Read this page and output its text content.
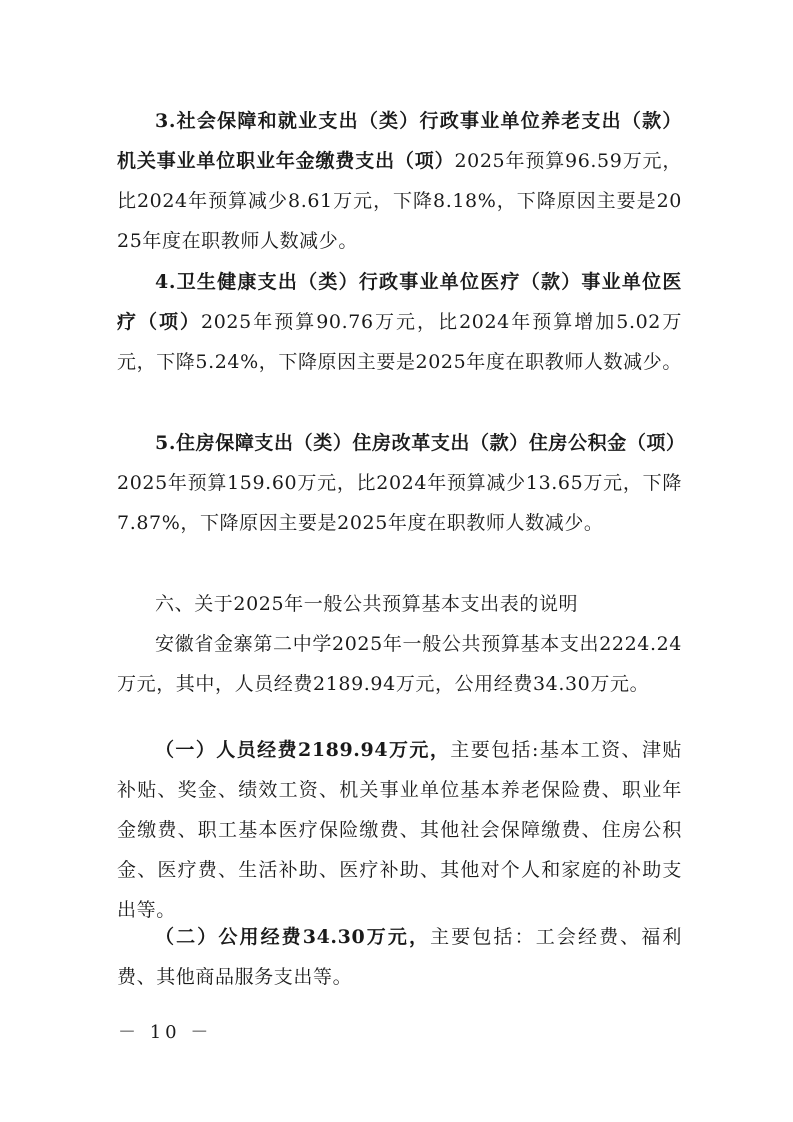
3.社会保障和就业支出（类）行政事业单位养老支出（款）机关事业单位职业年金缴费支出（项）2025年预算96.59万元，比2024年预算减少8.61万元，下降8.18%，下降原因主要是2025年度在职教师人数减少。

4.卫生健康支出（类）行政事业单位医疗（款）事业单位医疗（项）2025年预算90.76万元，比2024年预算增加5.02万元，下降5.24%，下降原因主要是2025年度在职教师人数减少。

5.住房保障支出（类）住房改革支出（款）住房公积金（项）2025年预算159.60万元，比2024年预算减少13.65万元，下降7.87%，下降原因主要是2025年度在职教师人数减少。

六、关于2025年一般公共预算基本支出表的说明

安徽省金寨第二中学2025年一般公共预算基本支出2224.24万元，其中，人员经费2189.94万元，公用经费34.30万元。

（一）人员经费2189.94万元，主要包括:基本工资、津贴补贴、奖金、绩效工资、机关事业单位基本养老保险费、职业年金缴费、职工基本医疗保险缴费、其他社会保障缴费、住房公积金、医疗费、生活补助、医疗补助、其他对个人和家庭的补助支出等。

（二）公用经费34.30万元，主要包括：工会经费、福利费、其他商品服务支出等。

－ 10 －
